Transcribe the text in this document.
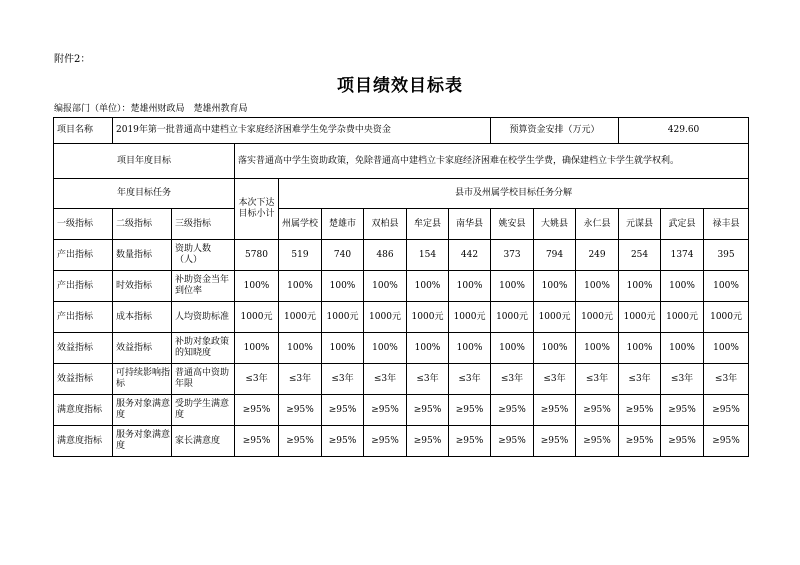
附件2：
项目绩效目标表
编报部门（单位）：楚雄州财政局　楚雄州教育局
项目名称	2019年第一批普通高中建档立卡家庭经济困难学生免学杂费中央资金								预算资金安排（万元）			429.60		
项目年度目标			落实普通高中学生资助政策，免除普通高中建档立卡家庭经济困难在校学生学费，确保建档立卡学生就学权利。											
年度目标任务			本次下达目标小计	县市及州属学校目标任务分解										
一级指标	二级指标	三级指标		州属学校	楚雄市	双柏县	牟定县	南华县	姚安县	大姚县	永仁县	元谋县	武定县	禄丰县
产出指标	数量指标	资助人数（人）	5780	519	740	486	154	442	373	794	249	254	1374	395
产出指标	时效指标	补助资金当年到位率	100%	100%	100%	100%	100%	100%	100%	100%	100%	100%	100%	100%
产出指标	成本指标	人均资助标准	1000元	1000元	1000元	1000元	1000元	1000元	1000元	1000元	1000元	1000元	1000元	1000元
效益指标	效益指标	补助对象政策的知晓度	100%	100%	100%	100%	100%	100%	100%	100%	100%	100%	100%	100%
效益指标	可持续影响指标	普通高中资助年限	≤3年	≤3年	≤3年	≤3年	≤3年	≤3年	≤3年	≤3年	≤3年	≤3年	≤3年	≤3年
满意度指标	服务对象满意度	受助学生满意度	≥95%	≥95%	≥95%	≥95%	≥95%	≥95%	≥95%	≥95%	≥95%	≥95%	≥95%	≥95%
满意度指标	服务对象满意度	家长满意度	≥95%	≥95%	≥95%	≥95%	≥95%	≥95%	≥95%	≥95%	≥95%	≥95%	≥95%	≥95%
